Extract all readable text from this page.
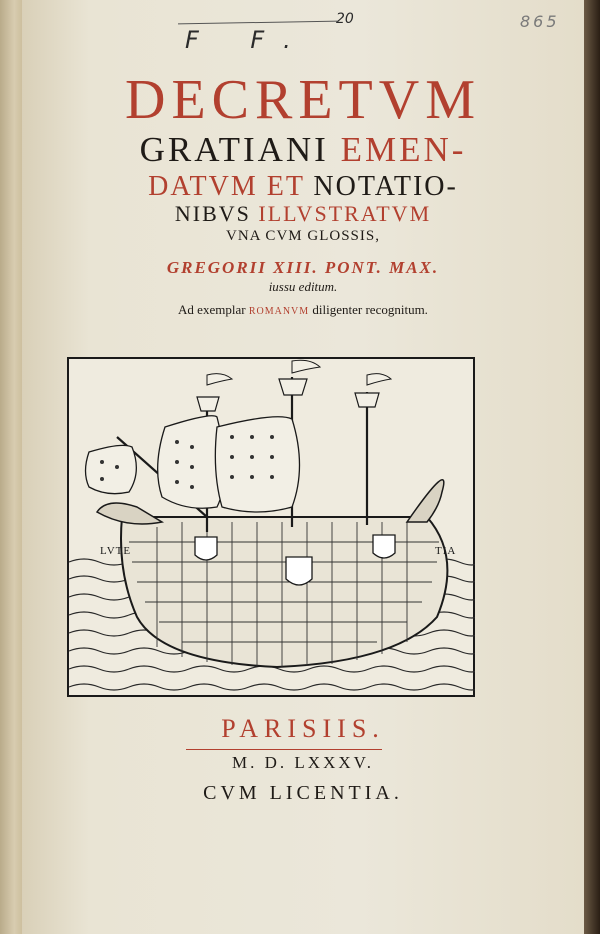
F F.
20	865
DECRETVM
GRATIANI EMEN-
DATVM ET NOTATIO-
NIBVS ILLVSTRATVM
VNA CVM GLOSSIS,
GREGORII XIII. PONT. MAX.
iussu editum.
Ad exemplar ROMANVM diligenter recognitum.
LVTE	TIA
PARISIIS.
M. D. LXXXV.
CVM LICENTIA.
